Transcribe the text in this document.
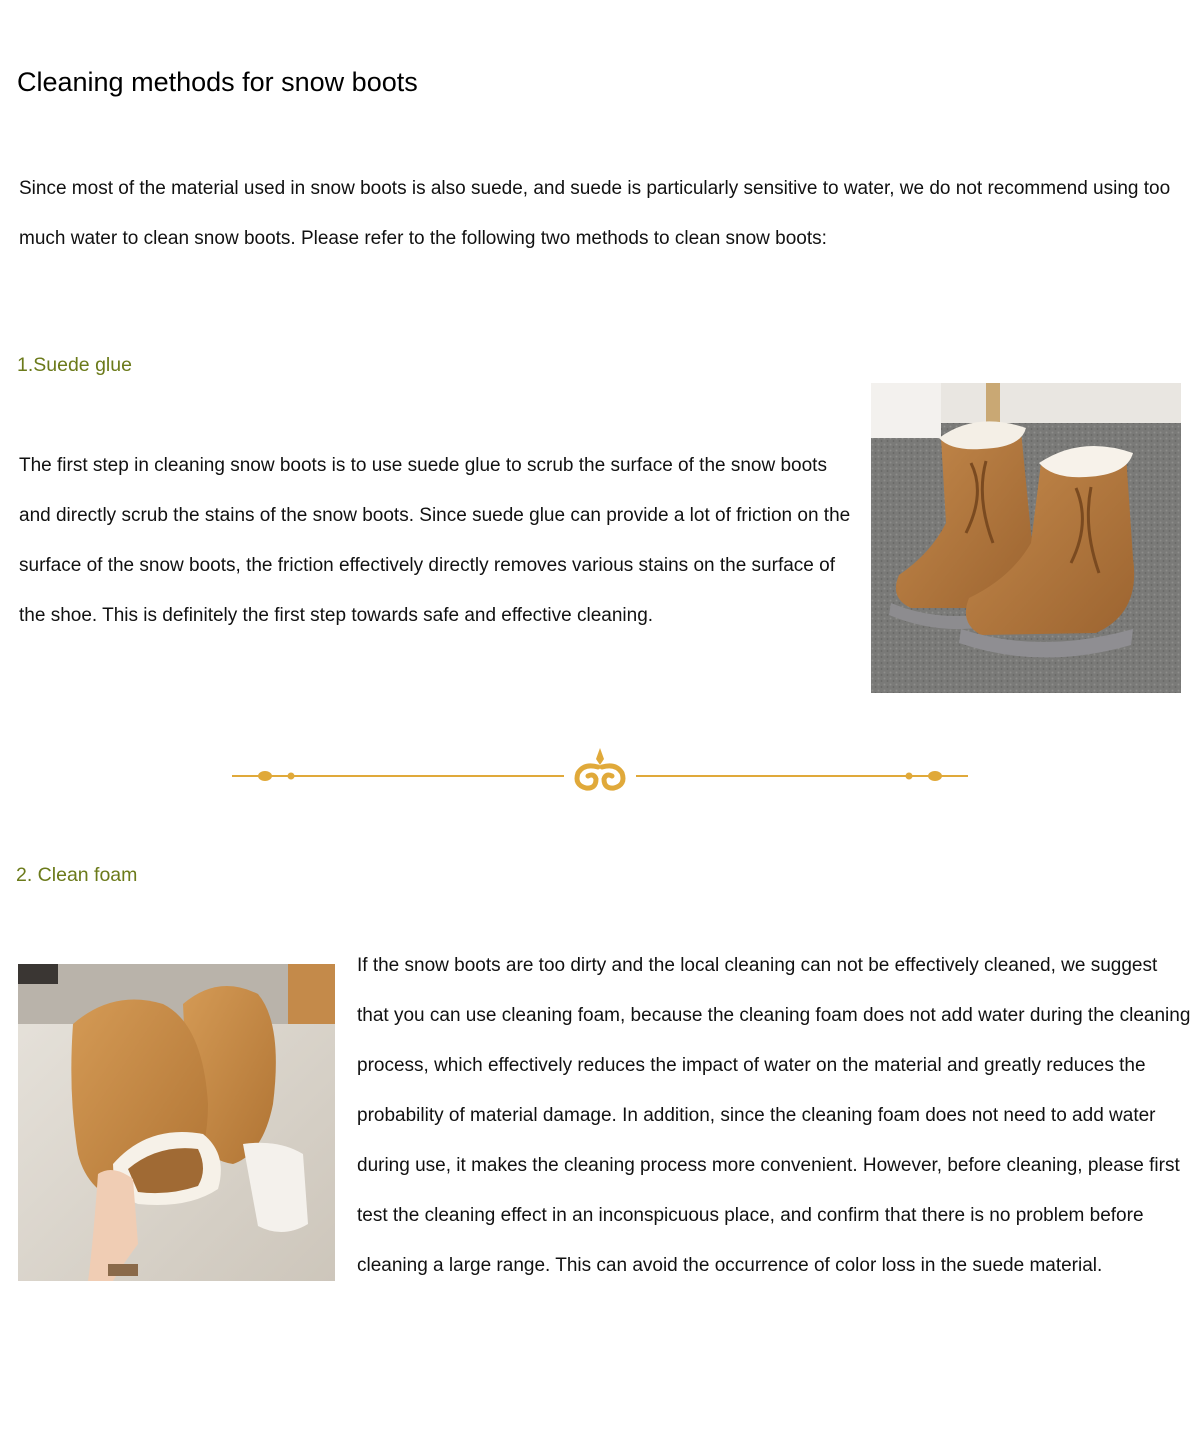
Cleaning methods for snow boots

Since most of the material used in snow boots is also suede, and suede is particularly sensitive to water, we do not recommend using too much water to clean snow boots. Please refer to the following two methods to clean snow boots:

1.Suede glue

The first step in cleaning snow boots is to use suede glue to scrub the surface of the snow boots and directly scrub the stains of the snow boots. Since suede glue can provide a lot of friction on the surface of the snow boots, the friction effectively directly removes various stains on the surface of the shoe. This is definitely the first step towards safe and effective cleaning.

2. Clean foam

If the snow boots are too dirty and the local cleaning can not be effectively cleaned, we suggest that you can use cleaning foam, because the cleaning foam does not add water during the cleaning process, which effectively reduces the impact of water on the material and greatly reduces the probability of material damage. In addition, since the cleaning foam does not need to add water during use, it makes the cleaning process more convenient. However, before cleaning, please first test the cleaning effect in an inconspicuous place, and confirm that there is no problem before cleaning a large range. This can avoid the occurrence of color loss in the suede material.
